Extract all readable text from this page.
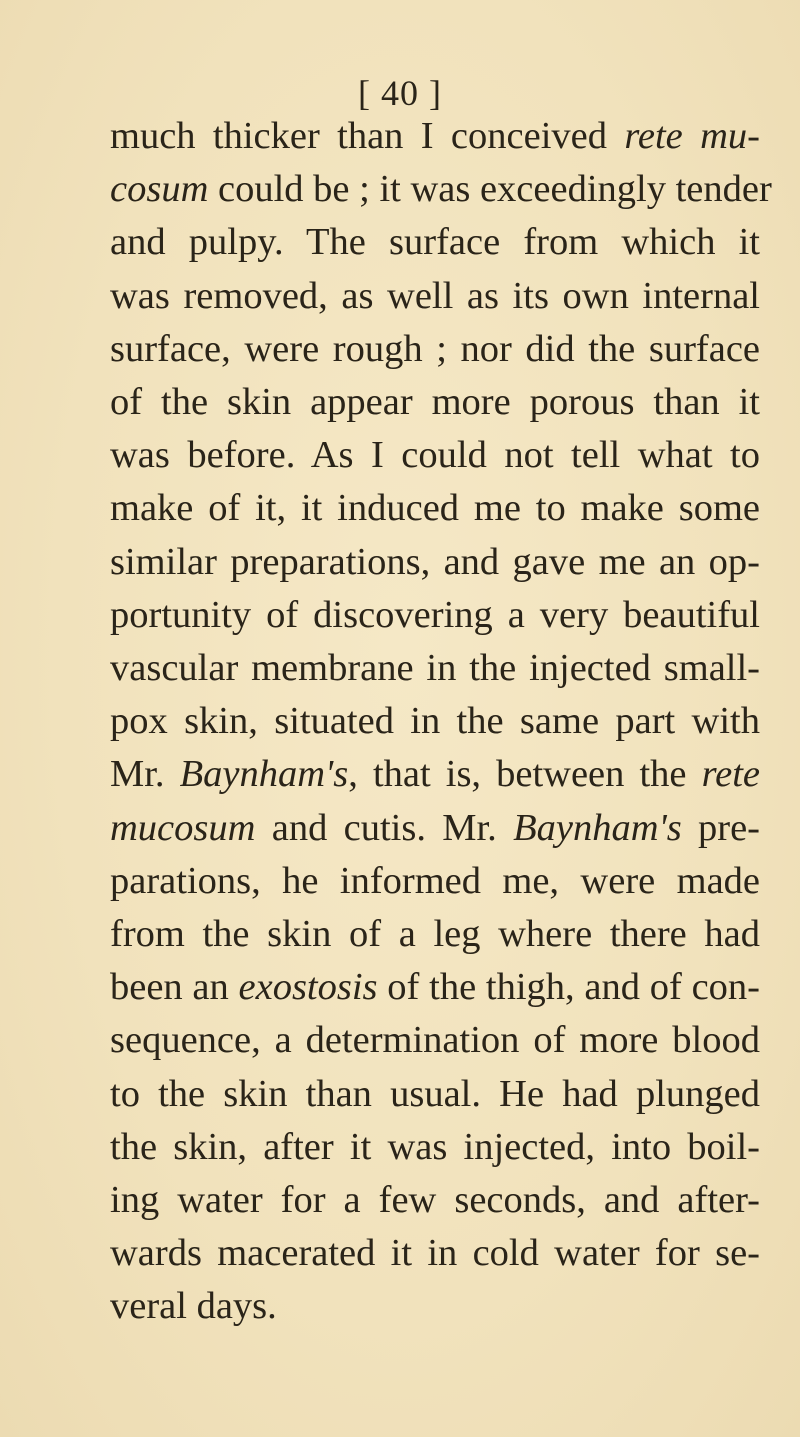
[ 40 ]
much thicker than I conceived rete mu-
cosum could be ; it was exceedingly tender
and pulpy. The surface from which it
was removed, as well as its own internal
surface, were rough ; nor did the surface
of the skin appear more porous than it
was before. As I could not tell what to
make of it, it induced me to make some
similar preparations, and gave me an op-
portunity of discovering a very beautiful
vascular membrane in the injected small-
pox skin, situated in the same part with
Mr. Baynham's, that is, between the rete
mucosum and cutis. Mr. Baynham's pre-
parations, he informed me, were made
from the skin of a leg where there had
been an exostosis of the thigh, and of con-
sequence, a determination of more blood
to the skin than usual. He had plunged
the skin, after it was injected, into boil-
ing water for a few seconds, and after-
wards macerated it in cold water for se-
veral days.
